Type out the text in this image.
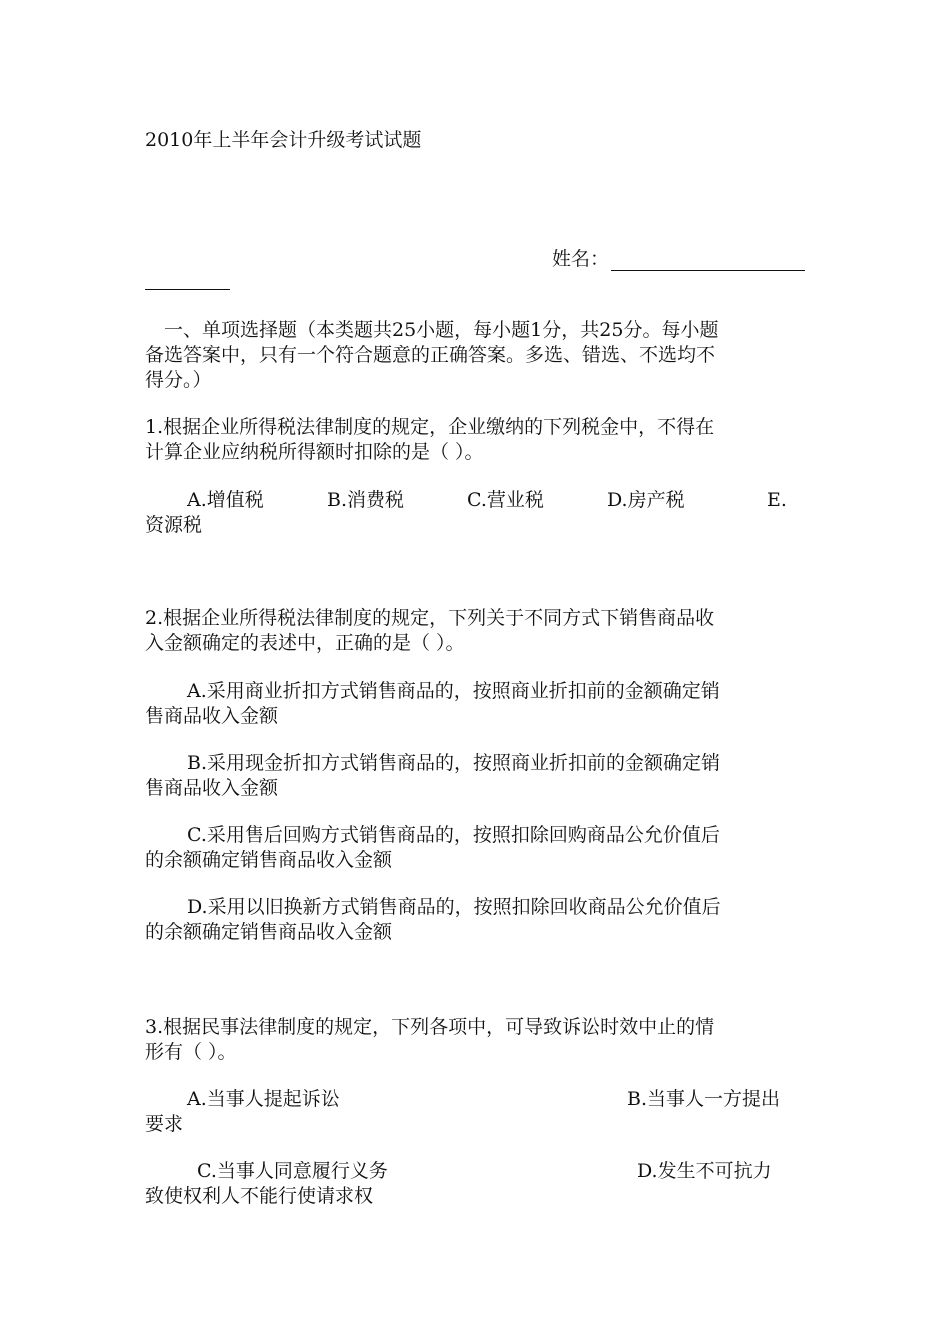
2010年上半年会计升级考试试题
姓名：
　一、单项选择题（本类题共25小题，每小题1分，共25分。每小题
备选答案中，只有一个符合题意的正确答案。多选、错选、不选均不
得分。）
1.根据企业所得税法律制度的规定，企业缴纳的下列税金中，不得在
计算企业应纳税所得额时扣除的是（ ）。
A.增值税	B.消费税	C.营业税	D.房产税	E.
资源税
2.根据企业所得税法律制度的规定，下列关于不同方式下销售商品收
入金额确定的表述中，正确的是（ ）。
A.采用商业折扣方式销售商品的，按照商业折扣前的金额确定销
售商品收入金额
B.采用现金折扣方式销售商品的，按照商业折扣前的金额确定销
售商品收入金额
C.采用售后回购方式销售商品的，按照扣除回购商品公允价值后
的余额确定销售商品收入金额
D.采用以旧换新方式销售商品的，按照扣除回收商品公允价值后
的余额确定销售商品收入金额
3.根据民事法律制度的规定，下列各项中，可导致诉讼时效中止的情
形有（ ）。
A.当事人提起诉讼	B.当事人一方提出
要求
C.当事人同意履行义务	D.发生不可抗力
致使权利人不能行使请求权
